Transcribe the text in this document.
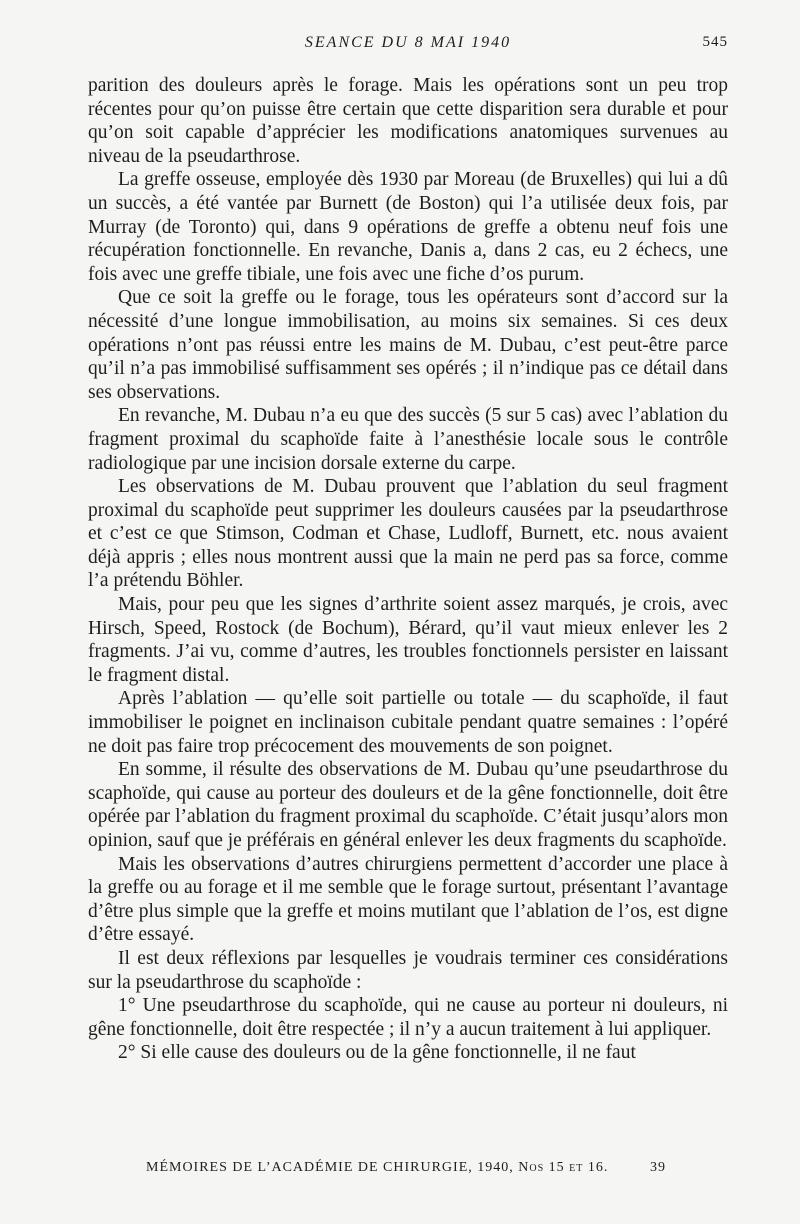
SEANCE DU 8 MAI 1940	545

parition des douleurs après le forage. Mais les opérations sont un peu trop récentes pour qu’on puisse être certain que cette disparition sera durable et pour qu’on soit capable d’apprécier les modifications anatomiques survenues au niveau de la pseudarthrose.

La greffe osseuse, employée dès 1930 par Moreau (de Bruxelles) qui lui a dû un succès, a été vantée par Burnett (de Boston) qui l’a utilisée deux fois, par Murray (de Toronto) qui, dans 9 opérations de greffe a obtenu neuf fois une récupération fonctionnelle. En revanche, Danis a, dans 2 cas, eu 2 échecs, une fois avec une greffe tibiale, une fois avec une fiche d’os purum.

Que ce soit la greffe ou le forage, tous les opérateurs sont d’accord sur la nécessité d’une longue immobilisation, au moins six semaines. Si ces deux opérations n’ont pas réussi entre les mains de M. Dubau, c’est peut-être parce qu’il n’a pas immobilisé suffisamment ses opérés ; il n’indique pas ce détail dans ses observations.

En revanche, M. Dubau n’a eu que des succès (5 sur 5 cas) avec l’ablation du fragment proximal du scaphoïde faite à l’anesthésie locale sous le contrôle radiologique par une incision dorsale externe du carpe.

Les observations de M. Dubau prouvent que l’ablation du seul fragment proximal du scaphoïde peut supprimer les douleurs causées par la pseudarthrose et c’est ce que Stimson, Codman et Chase, Ludloff, Burnett, etc. nous avaient déjà appris ; elles nous montrent aussi que la main ne perd pas sa force, comme l’a prétendu Böhler.

Mais, pour peu que les signes d’arthrite soient assez marqués, je crois, avec Hirsch, Speed, Rostock (de Bochum), Bérard, qu’il vaut mieux enlever les 2 fragments. J’ai vu, comme d’autres, les troubles fonctionnels persister en laissant le fragment distal.

Après l’ablation — qu’elle soit partielle ou totale — du scaphoïde, il faut immobiliser le poignet en inclinaison cubitale pendant quatre semaines : l’opéré ne doit pas faire trop précocement des mouvements de son poignet.

En somme, il résulte des observations de M. Dubau qu’une pseudarthrose du scaphoïde, qui cause au porteur des douleurs et de la gêne fonctionnelle, doit être opérée par l’ablation du fragment proximal du scaphoïde. C’était jusqu’alors mon opinion, sauf que je préférais en général enlever les deux fragments du scaphoïde.

Mais les observations d’autres chirurgiens permettent d’accorder une place à la greffe ou au forage et il me semble que le forage surtout, présentant l’avantage d’être plus simple que la greffe et moins mutilant que l’ablation de l’os, est digne d’être essayé.

Il est deux réflexions par lesquelles je voudrais terminer ces considérations sur la pseudarthrose du scaphoïde :

1° Une pseudarthrose du scaphoïde, qui ne cause au porteur ni douleurs, ni gêne fonctionnelle, doit être respectée ; il n’y a aucun traitement à lui appliquer.

2° Si elle cause des douleurs ou de la gêne fonctionnelle, il ne faut

MÉMOIRES DE L’ACADÉMIE DE CHIRURGIE, 1940, Nos 15 et 16.	39
